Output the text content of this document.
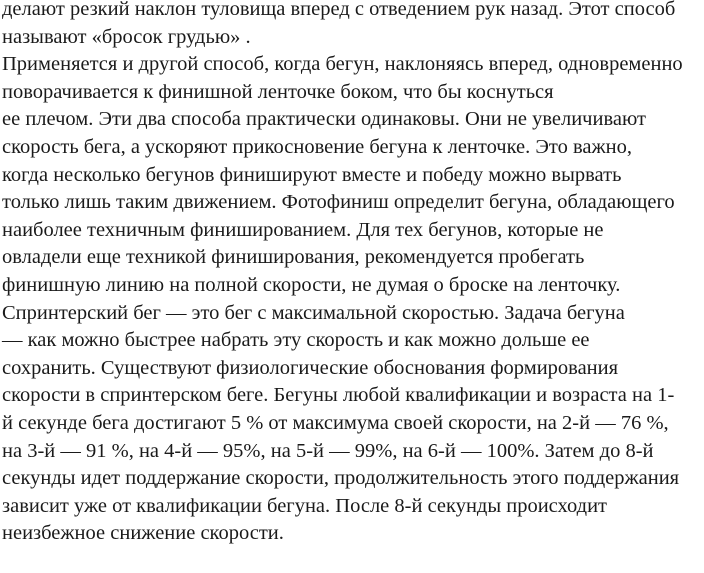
делают резкий наклон туловища вперед с отведением рук назад. Этот способ
называют «бросок грудью» .
Применяется и другой способ, когда бегун, наклоняясь вперед, одновременно
поворачивается к финишной ленточке боком, что бы коснуться
ее плечом. Эти два способа практически одинаковы. Они не увеличивают
скорость бега, а ускоряют прикосновение бегуна к ленточке. Это важно,
когда несколько бегунов финишируют вместе и победу можно вырвать
только лишь таким движением. Фотофиниш определит бегуна, обладающего
наиболее техничным финишированием. Для тех бегунов, которые не
овладели еще техникой финиширования, рекомендуется пробегать
финишную линию на полной скорости, не думая о броске на ленточку.
Спринтерский бег — это бег с максимальной скоростью. Задача бегуна
— как можно быстрее набрать эту скорость и как можно дольше ее
сохранить. Существуют физиологические обоснования формирования
скорости в спринтерском беге. Бегуны любой квалификации и возраста на 1-
й секунде бега достигают 5 % от максимума своей скорости, на 2-й — 76 %,
на 3-й — 91 %, на 4-й — 95%, на 5-й — 99%, на 6-й — 100%. Затем до 8-й
секунды идет поддержание скорости, продолжительность этого поддержания
зависит уже от квалификации бегуна. После 8-й секунды происходит
неизбежное снижение скорости.
